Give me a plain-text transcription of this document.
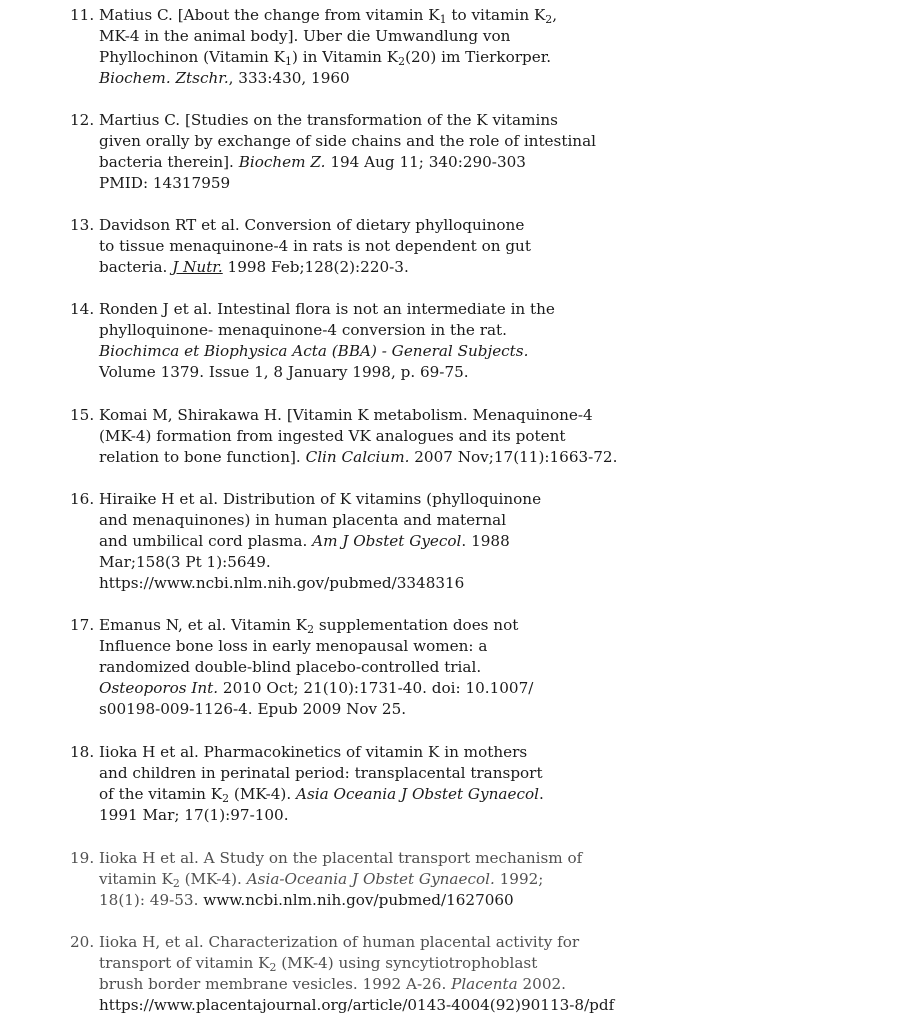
11. Matius C. [About the change from vitamin K1 to vitamin K2,
MK-4 in the animal body]. Uber die Umwandlung von
Phyllochinon (Vitamin K1) in Vitamin K2(20) im Tierkorper.
Biochem. Ztschr., 333:430, 1960
12. Martius C. [Studies on the transformation of the K vitamins
given orally by exchange of side chains and the role of intestinal
bacteria therein]. Biochem Z. 194 Aug 11; 340:290-303
PMID: 14317959
13. Davidson RT et al. Conversion of dietary phylloquinone
to tissue menaquinone-4 in rats is not dependent on gut
bacteria. J Nutr. 1998 Feb;128(2):220-3.
14. Ronden J et al. Intestinal flora is not an intermediate in the
phylloquinone- menaquinone-4 conversion in the rat.
Biochimca et Biophysica Acta (BBA) - General Subjects.
Volume 1379. Issue 1, 8 January 1998, p. 69-75.
15. Komai M, Shirakawa H. [Vitamin K metabolism. Menaquinone-4
(MK-4) formation from ingested VK analogues and its potent
relation to bone function]. Clin Calcium. 2007 Nov;17(11):1663-72.
16. Hiraike H et al. Distribution of K vitamins (phylloquinone
and menaquinones) in human placenta and maternal
and umbilical cord plasma. Am J Obstet Gyecol. 1988
Mar;158(3 Pt 1):5649.
https://www.ncbi.nlm.nih.gov/pubmed/3348316
17. Emanus N, et al. Vitamin K2 supplementation does not
Influence bone loss in early menopausal women: a
randomized double-blind placebo-controlled trial.
Osteoporos Int. 2010 Oct; 21(10):1731-40. doi: 10.1007/
s00198-009-1126-4. Epub 2009 Nov 25.
18. Iioka H et al. Pharmacokinetics of vitamin K in mothers
and children in perinatal period: transplacental transport
of the vitamin K2 (MK-4). Asia Oceania J Obstet Gynaecol.
1991 Mar; 17(1):97-100.
19. Iioka H et al. A Study on the placental transport mechanism of
vitamin K2 (MK-4). Asia-Oceania J Obstet Gynaecol. 1992;
18(1): 49-53. www.ncbi.nlm.nih.gov/pubmed/1627060
20. Iioka H, et al. Characterization of human placental activity for
transport of vitamin K2 (MK-4) using syncytiotrophoblast
brush border membrane vesicles. 1992 A-26. Placenta 2002.
https://www.placentajournal.org/article/0143-4004(92)90113-8/pdf
